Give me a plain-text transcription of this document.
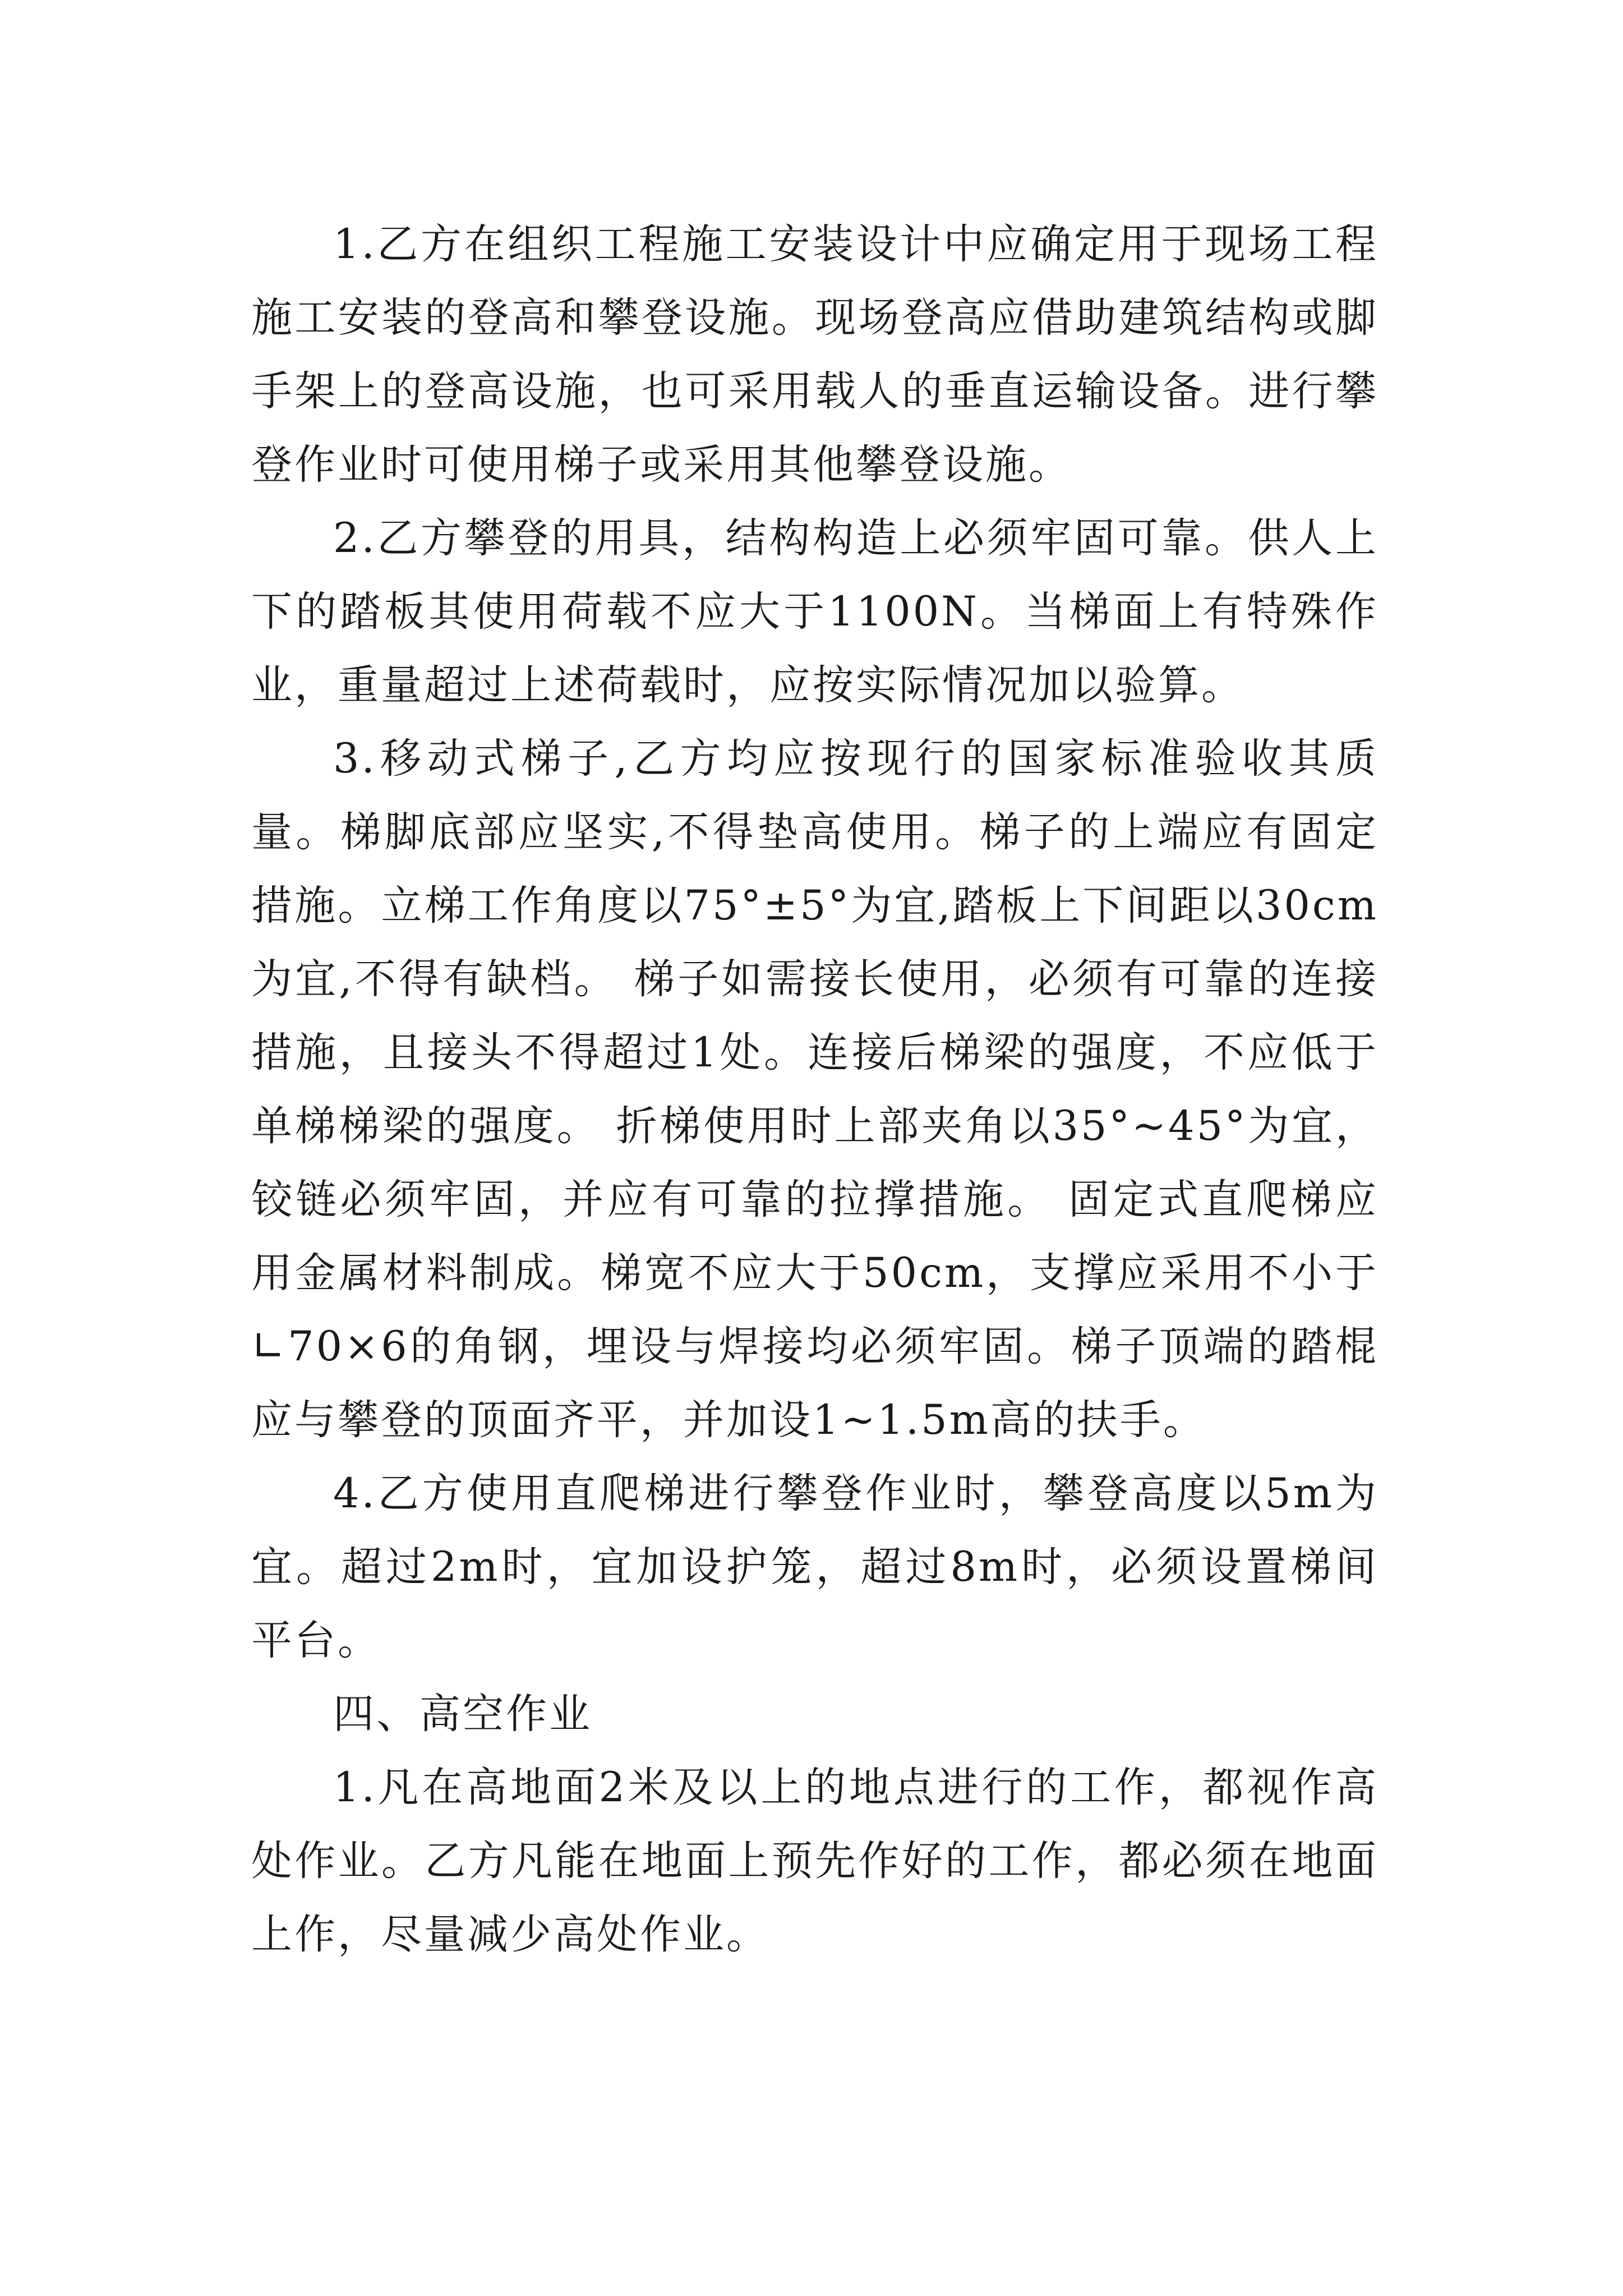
1.乙方在组织工程施工安装设计中应确定用于现场工程施工安装的登高和攀登设施。现场登高应借助建筑结构或脚手架上的登高设施，也可采用载人的垂直运输设备。进行攀登作业时可使用梯子或采用其他攀登设施。

2.乙方攀登的用具，结构构造上必须牢固可靠。供人上下的踏板其使用荷载不应大于1100N。当梯面上有特殊作业，重量超过上述荷载时，应按实际情况加以验算。

3.移动式梯子,乙方均应按现行的国家标准验收其质量。梯脚底部应坚实,不得垫高使用。梯子的上端应有固定措施。立梯工作角度以75°±5°为宜,踏板上下间距以30cm为宜,不得有缺档。 梯子如需接长使用，必须有可靠的连接措施，且接头不得超过1处。连接后梯梁的强度，不应低于单梯梯梁的强度。 折梯使用时上部夹角以35°~45°为宜，铰链必须牢固，并应有可靠的拉撑措施。 固定式直爬梯应用金属材料制成。梯宽不应大于50cm，支撑应采用不小于∟70×6的角钢，埋设与焊接均必须牢固。梯子顶端的踏棍应与攀登的顶面齐平，并加设1~1.5m高的扶手。

4.乙方使用直爬梯进行攀登作业时，攀登高度以5m为宜。超过2m时，宜加设护笼，超过8m时，必须设置梯间平台。

四、高空作业

1.凡在高地面2米及以上的地点进行的工作，都视作高处作业。乙方凡能在地面上预先作好的工作，都必须在地面上作，尽量减少高处作业。
